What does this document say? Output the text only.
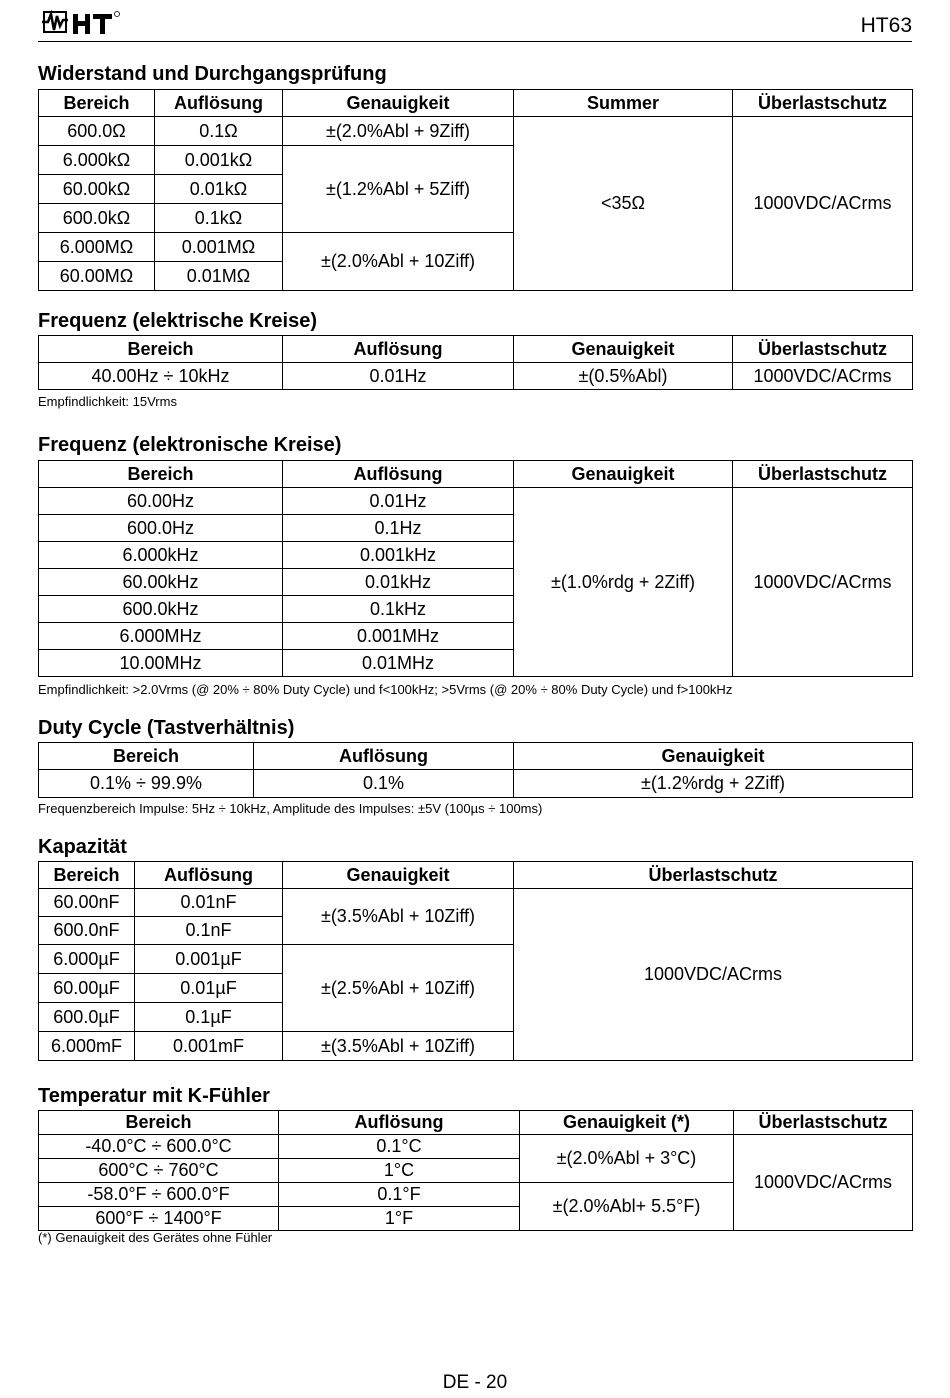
HT63
Widerstand und Durchgangsprüfung
Bereich	Auflösung	Genauigkeit	Summer	Überlastschutz
600.0Ω	0.1Ω	±(2.0%Abl + 9Ziff)	<35Ω	1000VDC/ACrms
6.000kΩ	0.001kΩ	±(1.2%Abl + 5Ziff)		
60.00kΩ	0.01kΩ			
600.0kΩ	0.1kΩ			
6.000MΩ	0.001MΩ	±(2.0%Abl + 10Ziff)		
60.00MΩ	0.01MΩ			
Frequenz (elektrische Kreise)
Bereich	Auflösung	Genauigkeit	Überlastschutz
40.00Hz ÷ 10kHz	0.01Hz	±(0.5%Abl)	1000VDC/ACrms
Empfindlichkeit: 15Vrms
Frequenz (elektronische Kreise)
Bereich	Auflösung	Genauigkeit	Überlastschutz
60.00Hz	0.01Hz	±(1.0%rdg + 2Ziff)	1000VDC/ACrms
600.0Hz	0.1Hz		
6.000kHz	0.001kHz		
60.00kHz	0.01kHz		
600.0kHz	0.1kHz		
6.000MHz	0.001MHz		
10.00MHz	0.01MHz		
Empfindlichkeit: >2.0Vrms (@ 20% ÷ 80% Duty Cycle) und f<100kHz; >5Vrms (@ 20% ÷ 80% Duty Cycle) und f>100kHz
Duty Cycle (Tastverhältnis)
Bereich	Auflösung	Genauigkeit
0.1% ÷ 99.9%	0.1%	±(1.2%rdg + 2Ziff)
Frequenzbereich Impulse: 5Hz ÷ 10kHz, Amplitude des Impulses: ±5V (100µs ÷ 100ms)
Kapazität
Bereich	Auflösung	Genauigkeit	Überlastschutz
60.00nF	0.01nF	±(3.5%Abl + 10Ziff)	1000VDC/ACrms
600.0nF	0.1nF		
6.000µF	0.001µF	±(2.5%Abl + 10Ziff)	
60.00µF	0.01µF		
600.0µF	0.1µF		
6.000mF	0.001mF	±(3.5%Abl + 10Ziff)	
Temperatur mit K-Fühler
Bereich	Auflösung	Genauigkeit (*)	Überlastschutz
-40.0°C ÷ 600.0°C	0.1°C	±(2.0%Abl + 3°C)	1000VDC/ACrms
600°C ÷ 760°C	1°C		
-58.0°F ÷ 600.0°F	0.1°F	±(2.0%Abl+ 5.5°F)	
600°F ÷ 1400°F	1°F		
(*) Genauigkeit des Gerätes ohne Fühler
DE - 20
